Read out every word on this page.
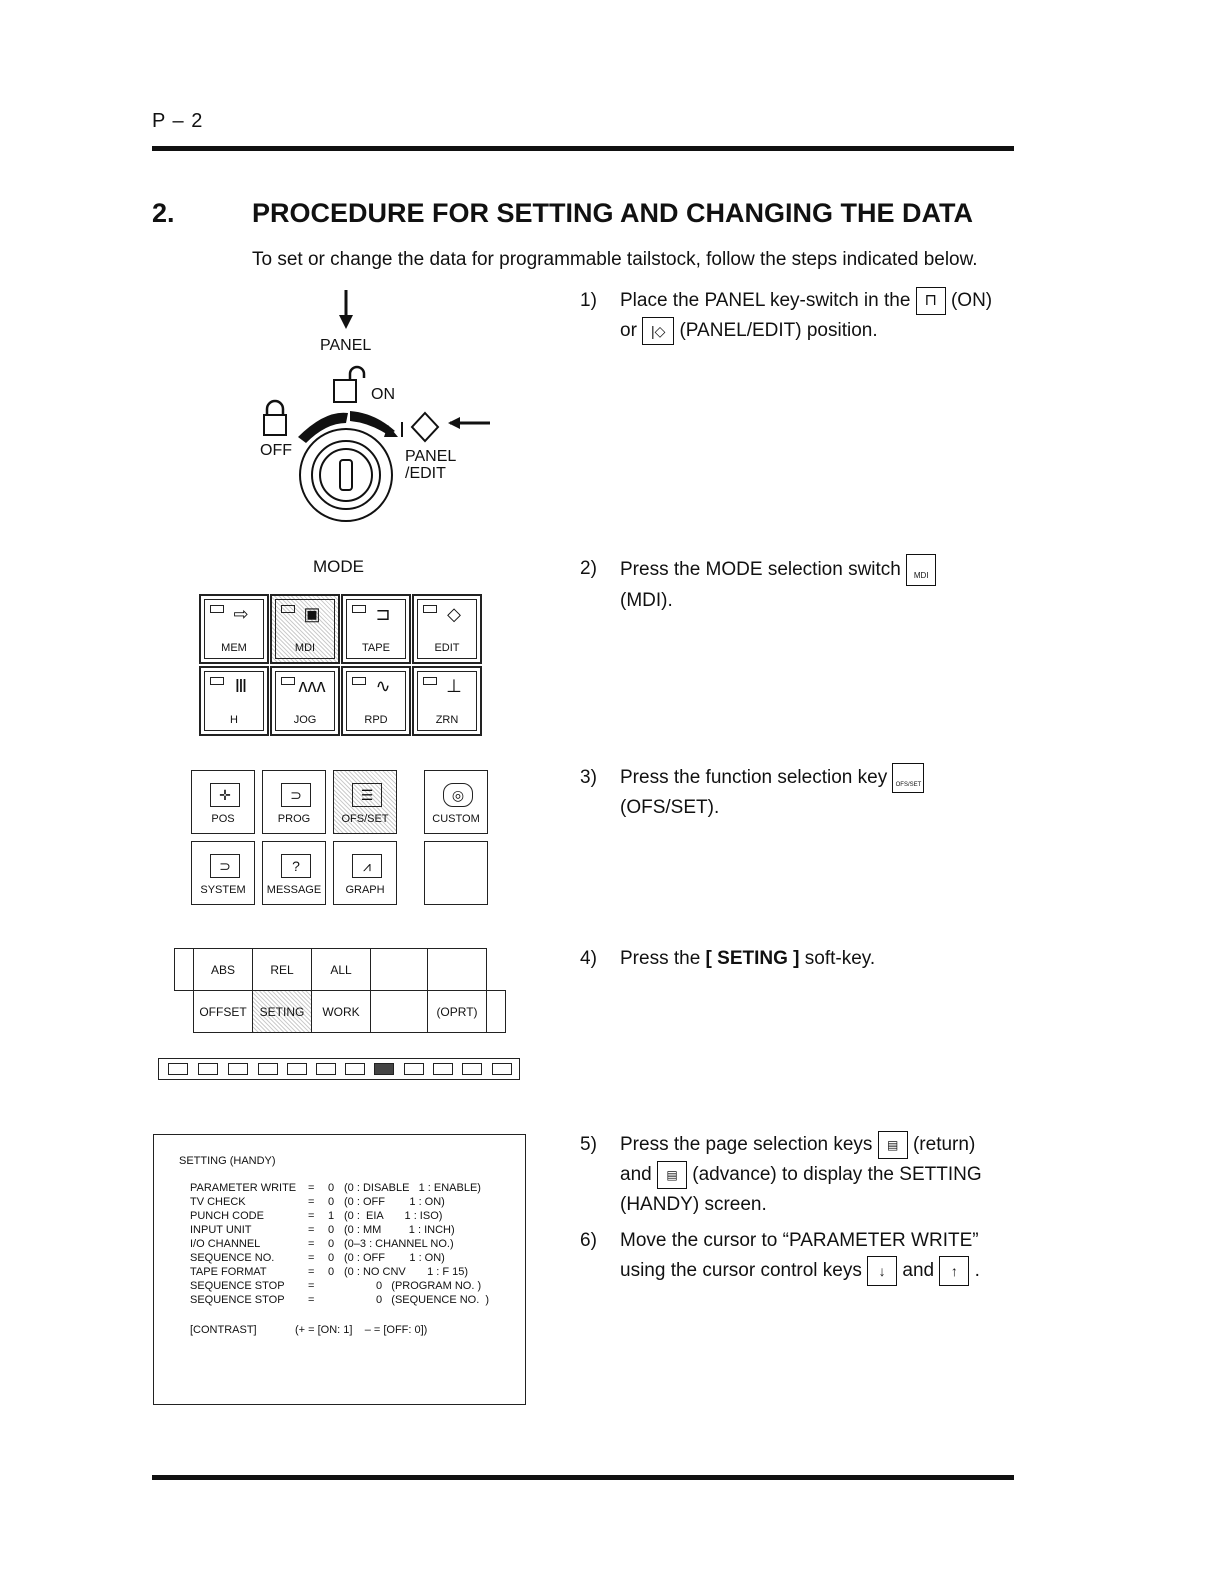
P – 2
2.	PROCEDURE FOR SETTING AND CHANGING THE DATA
To set or change the data for programmable tailstock, follow the steps indicated below.
PANEL
ON
OFF	PANEL
/EDIT
MODE
⇨
MEM
▣
MDI
⊐
TAPE
◇
EDIT
Ⅲ
H
ʌʌʌ
JOG
∿
RPD
⊥
ZRN
✛
POS
⊃
PROG
☰
OFS/SET
◎
CUSTOM
⊃
SYSTEM
?
MESSAGE
⩘
GRAPH
ABS	REL	ALL
OFFSET	SETING	WORK	(OPRT)
SETTING (HANDY)
PARAMETER WRITE = 0 (0 : DISABLE   1 : ENABLE)
TV CHECK	= 0 (0 : OFF        1 : ON)
PUNCH CODE	= 1 (0 :  EIA       1 : ISO)
INPUT UNIT	= 0 (0 : MM         1 : INCH)
I/O CHANNEL	= 0 (0–3 : CHANNEL NO.)
SEQUENCE NO.	= 0 (0 : OFF        1 : ON)
TAPE FORMAT	= 0 (0 : NO CNV       1 : F 15)
SEQUENCE STOP =	0   (PROGRAM NO. )
SEQUENCE STOP =	0   (SEQUENCE NO.  )
[CONTRAST]	(+ = [ON: 1]    – = [OFF: 0])
1) Place the PANEL key-switch in the ⊓ (ON)
or |◇ (PANEL/EDIT) position.
2) Press the MODE selection switch	MDI

(MDI).
3) Press the function selection key	OFS/SET

(OFS/SET).
4) Press the [ SETING ] soft-key.
5) Press the page selection keys ▤ (return)
and ▤ (advance) to display the SETTING (HANDY) screen.
6) Move the cursor to “PARAMETER WRITE”
using the cursor control keys ↓ and ↑ .
